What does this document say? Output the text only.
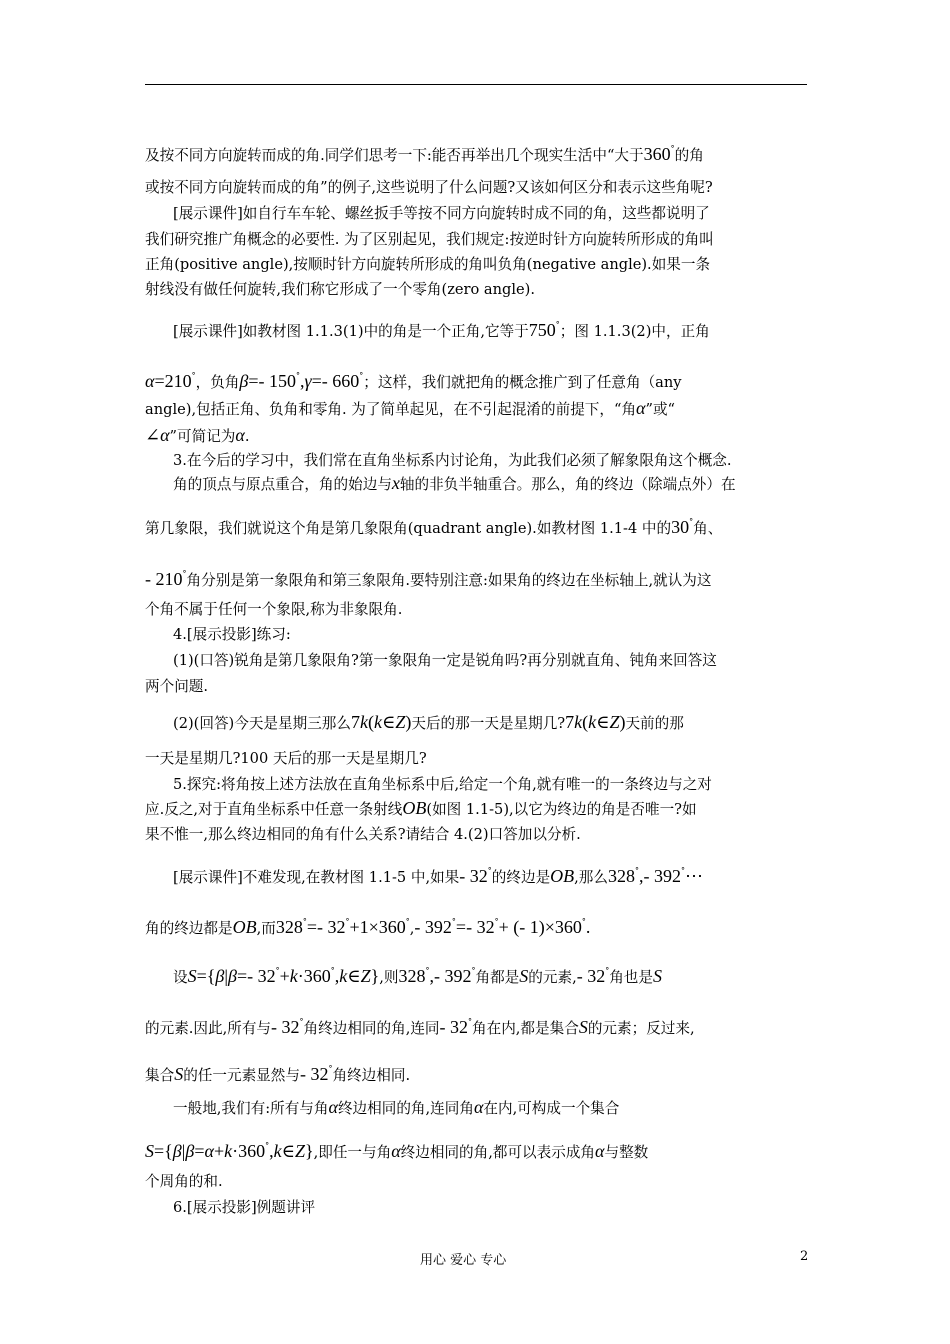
及按不同方向旋转而成的角.同学们思考一下:能否再举出几个现实生活中“大于360°的角
或按不同方向旋转而成的角”的例子,这些说明了什么问题?又该如何区分和表示这些角呢?
[展示课件]如自行车车轮、螺丝扳手等按不同方向旋转时成不同的角，这些都说明了
我们研究推广角概念的必要性. 为了区别起见，我们规定:按逆时针方向旋转所形成的角叫
正角(positive angle),按顺时针方向旋转所形成的角叫负角(negative angle).如果一条
射线没有做任何旋转,我们称它形成了一个零角(zero angle).
[展示课件]如教材图 1.1.3(1)中的角是一个正角,它等于750°；图 1.1.3(2)中，正角
α=210°，负角β=- 150°,γ=- 660°；这样，我们就把角的概念推广到了任意角（any
angle),包括正角、负角和零角. 为了简单起见，在不引起混淆的前提下，“角α”或“
∠α”可简记为α.
3.在今后的学习中，我们常在直角坐标系内讨论角，为此我们必须了解象限角这个概念.
角的顶点与原点重合，角的始边与x轴的非负半轴重合。那么，角的终边（除端点外）在
第几象限，我们就说这个角是第几象限角(quadrant angle).如教材图 1.1-4 中的30°角、
- 210°角分别是第一象限角和第三象限角.要特别注意:如果角的终边在坐标轴上,就认为这
个角不属于任何一个象限,称为非象限角.
4.[展示投影]练习:
(1)(口答)锐角是第几象限角?第一象限角一定是锐角吗?再分别就直角、钝角来回答这
两个问题.
(2)(回答)今天是星期三那么7k(k∈Z)天后的那一天是星期几?7k(k∈Z)天前的那
一天是星期几?100 天后的那一天是星期几?
5.探究:将角按上述方法放在直角坐标系中后,给定一个角,就有唯一的一条终边与之对
应.反之,对于直角坐标系中任意一条射线OB(如图 1.1-5),以它为终边的角是否唯一?如
果不惟一,那么终边相同的角有什么关系?请结合 4.(2)口答加以分析.
[展示课件]不难发现,在教材图 1.1-5 中,如果- 32°的终边是OB,那么328°,- 392°⋯
角的终边都是OB,而328°=- 32°+1×360°,- 392°=- 32°+ (- 1)×360°.
设S={β|β=- 32°+k·360°,k∈Z},则328°,- 392°角都是S的元素,- 32°角也是S
的元素.因此,所有与- 32°角终边相同的角,连同- 32°角在内,都是集合S的元素；反过来,
集合S的任一元素显然与- 32°角终边相同.
一般地,我们有:所有与角α终边相同的角,连同角α在内,可构成一个集合
S={β|β=α+k·360°,k∈Z},即任一与角α终边相同的角,都可以表示成角α与整数
个周角的和.
6.[展示投影]例题讲评
用心 爱心 专心	2
